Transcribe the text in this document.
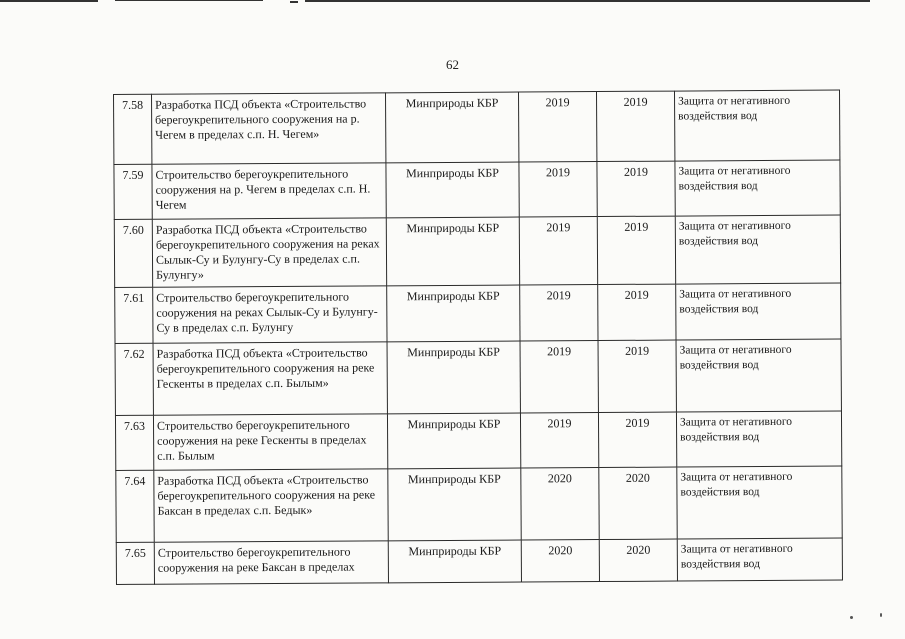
62
7.58	Разработка ПСД объекта «Строительство берегоукрепительного сооружения на р. Чегем в пределах с.п. Н. Чегем»	Минприроды КБР	2019	2019	Защита от негативного воздействия вод
7.59	Строительство берегоукрепительного сооружения на р. Чегем в пределах с.п. Н. Чегем	Минприроды КБР	2019	2019	Защита от негативного воздействия вод
7.60	Разработка ПСД объекта «Строительство берегоукрепительного сооружения на реках Сылык-Су и Булунгу-Су в пределах с.п. Булунгу»	Минприроды КБР	2019	2019	Защита от негативного воздействия вод
7.61	Строительство берегоукрепительного сооружения на реках Сылык-Су и Булунгу-Су в пределах с.п. Булунгу	Минприроды КБР	2019	2019	Защита от негативного воздействия вод
7.62	Разработка ПСД объекта «Строительство берегоукрепительного сооружения на реке Гескенты в пределах с.п. Былым»	Минприроды КБР	2019	2019	Защита от негативного воздействия вод
7.63	Строительство берегоукрепительного сооружения на реке Гескенты в пределах с.п. Былым	Минприроды КБР	2019	2019	Защита от негативного воздействия вод
7.64	Разработка ПСД объекта «Строительство берегоукрепительного сооружения на реке Баксан в пределах с.п. Бедык»	Минприроды КБР	2020	2020	Защита от негативного воздействия вод
7.65	Строительство берегоукрепительного сооружения на реке Баксан в пределах	Минприроды КБР	2020	2020	Защита от негативного воздействия вод
